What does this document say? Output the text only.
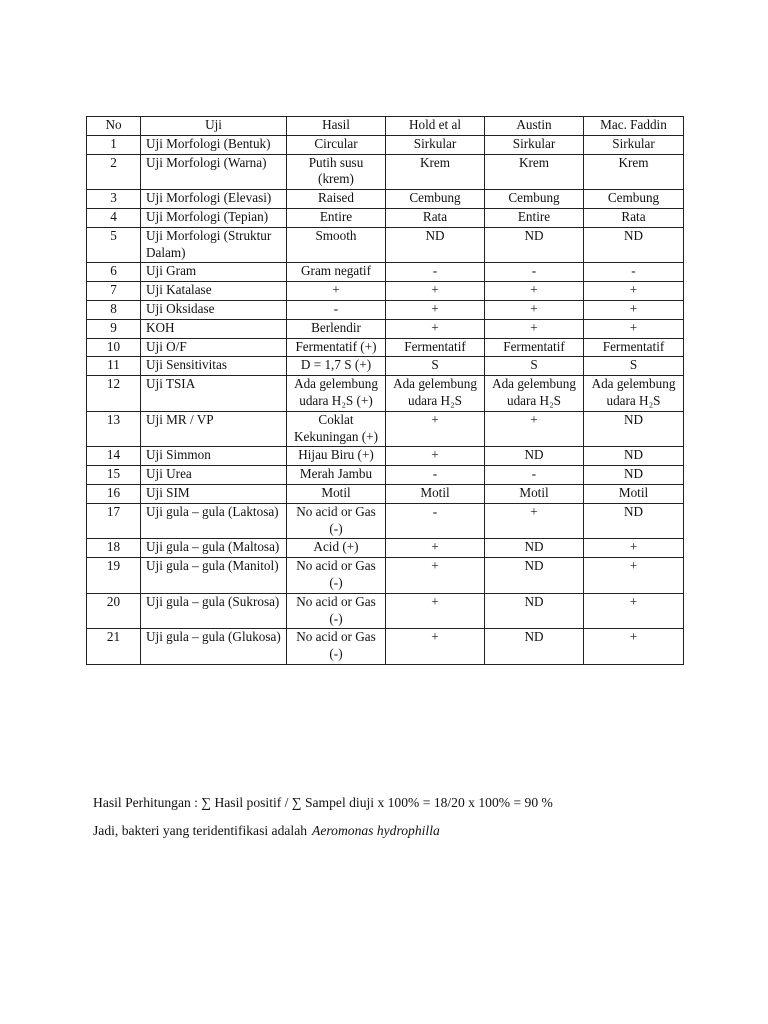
No	Uji	Hasil	Hold et al	Austin	Mac. Faddin
1	Uji Morfologi (Bentuk)	Circular	Sirkular	Sirkular	Sirkular
2	Uji Morfologi (Warna)	Putih susu (krem)	Krem	Krem	Krem
3	Uji Morfologi (Elevasi)	Raised	Cembung	Cembung	Cembung
4	Uji Morfologi (Tepian)	Entire	Rata	Entire	Rata
5	Uji Morfologi (Struktur Dalam)	Smooth	ND	ND	ND
6	Uji Gram	Gram negatif	-	-	-
7	Uji Katalase	+	+	+	+
8	Uji Oksidase	-	+	+	+
9	KOH	Berlendir	+	+	+
10	Uji O/F	Fermentatif (+)	Fermentatif	Fermentatif	Fermentatif
11	Uji Sensitivitas	D = 1,7 S (+)	S	S	S
12	Uji TSIA	Ada gelembung udara H₂S (+)	Ada gelembung udara H₂S	Ada gelembung udara H₂S	Ada gelembung udara H₂S
13	Uji MR / VP	Coklat Kekuningan (+)	+	+	ND
14	Uji Simmon	Hijau Biru (+)	+	ND	ND
15	Uji Urea	Merah Jambu	-	-	ND
16	Uji SIM	Motil	Motil	Motil	Motil
17	Uji gula – gula (Laktosa)	No acid or Gas (-)	-	+	ND
18	Uji gula – gula (Maltosa)	Acid (+)	+	ND	+
19	Uji gula – gula (Manitol)	No acid or Gas (-)	+	ND	+
20	Uji gula – gula (Sukrosa)	No acid or Gas (-)	+	ND	+
21	Uji gula – gula (Glukosa)	No acid or Gas (-)	+	ND	+
Hasil Perhitungan : ∑ Hasil positif / ∑ Sampel diuji x 100% = 18/20 x 100% = 90 %
Jadi, bakteri yang teridentifikasi adalah Aeromonas hydrophilla
